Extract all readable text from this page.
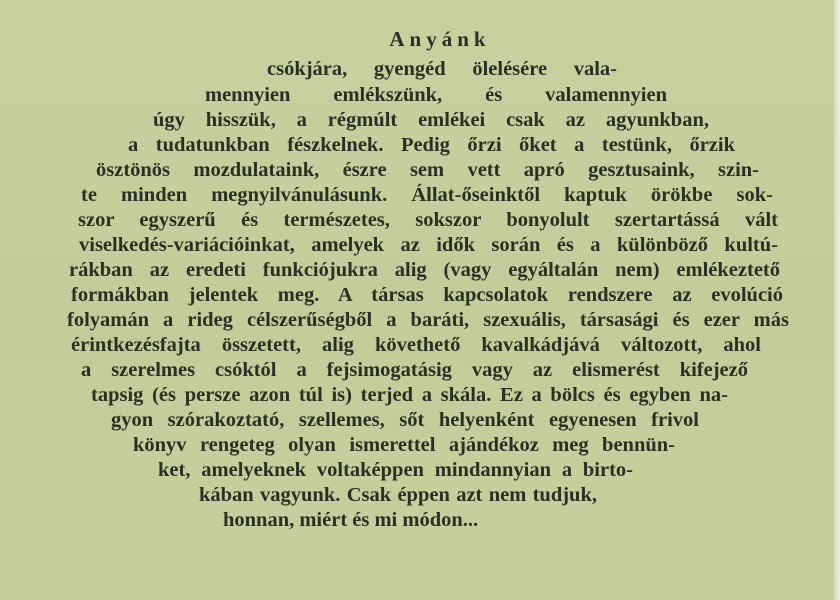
Anyánk
csókjára, gyengéd ölelésére vala-
mennyien emlékszünk, és valamennyien
úgy hisszük, a régmúlt emlékei csak az agyunkban,
a tudatunkban fészkelnek. Pedig őrzi őket a testünk, őrzik
ösztönös mozdulataink, észre sem vett apró gesztusaink, szin-
te minden megnyilvánulásunk. Állat-őseinktől kaptuk örökbe sok-
szor egyszerű és természetes, sokszor bonyolult szertartássá vált
viselkedés-variációinkat, amelyek az idők során és a különböző kultú-
rákban az eredeti funkciójukra alig (vagy egyáltalán nem) emlékeztető
formákban jelentek meg. A társas kapcsolatok rendszere az evolúció
folyamán a rideg célszerűségből a baráti, szexuális, társasági és ezer más
érintkezésfajta összetett, alig követhető kavalkádjává változott, ahol
a szerelmes csóktól a fejsimogatásig vagy az elismerést kifejező
tapsig (és persze azon túl is) terjed a skála. Ez a bölcs és egyben na-
gyon szórakoztató, szellemes, sőt helyenként egyenesen frivol
könyv rengeteg olyan ismerettel ajándékoz meg bennün-
ket, amelyeknek voltaképpen mindannyian a birto-
kában vagyunk. Csak éppen azt nem tudjuk,
honnan, miért és mi módon...
